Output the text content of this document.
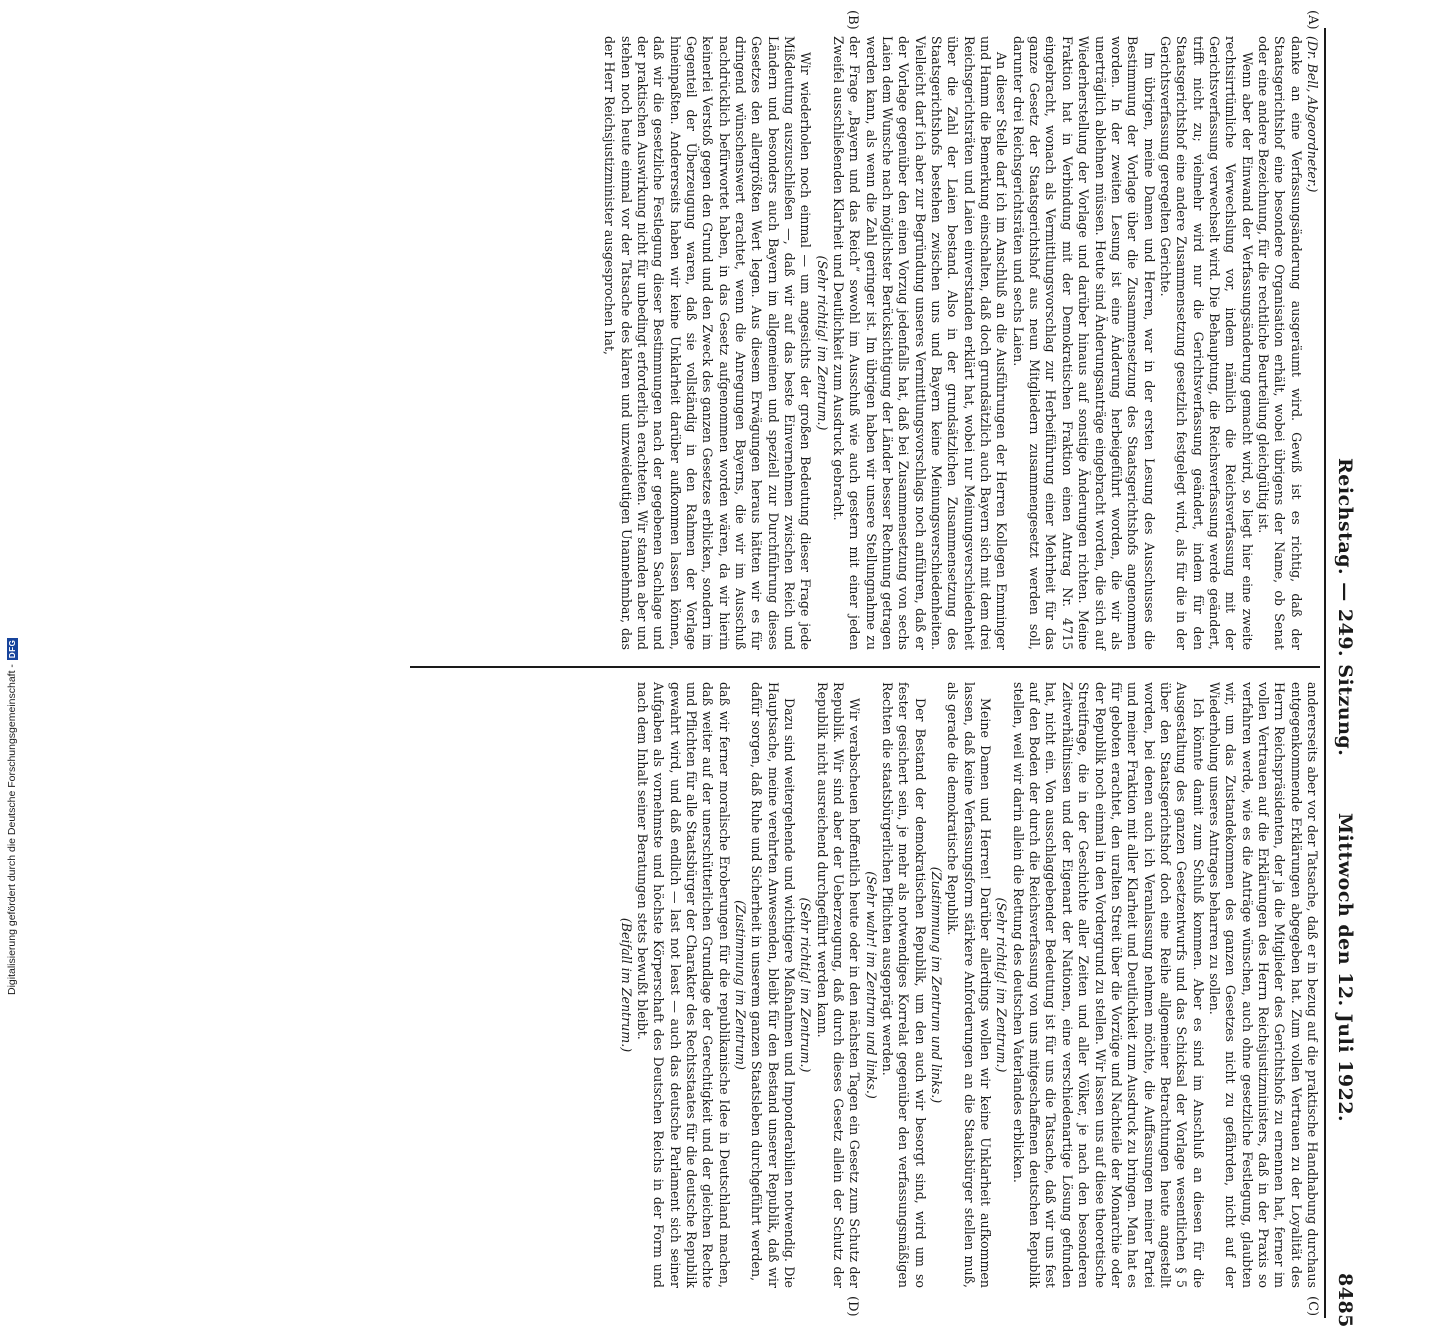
Reichstag. — 249. Sitzung.
Mittwoch den 12. Juli 1922.
8485
(A)
(B)
(C)
(D)

(Dr. Bell, Abgeordneter.)

danke an eine Verfassungsänderung ausgeräumt wird. Gewiß ist es richtig, daß der Staatsgerichtshof eine besondere Organisation erhält, wobei übrigens der Name, ob Senat oder eine andere Bezeichnung, für die rechtliche Beurteilung gleichgültig ist.

Wenn aber der Einwand der Verfassungsänderung gemacht wird, so liegt hier eine zweite rechtsirrtümliche Verwechslung vor, indem nämlich die Reichsverfassung mit der Gerichtsverfassung verwechselt wird. Die Behauptung, die Reichsverfassung werde geändert, trifft nicht zu; vielmehr wird nur die Gerichtsverfassung geändert, indem für den Staatsgerichtshof eine andere Zusammensetzung gesetzlich festgelegt wird, als für die in der Gerichtsverfassung geregelten Gerichte.

Im übrigen, meine Damen und Herren, war in der ersten Lesung des Ausschusses die Bestimmung der Vorlage über die Zusammensetzung des Staatsgerichtshofs angenommen worden. In der zweiten Lesung ist eine Änderung herbeigeführt worden, die wir als unerträglich ablehnen müssen. Heute sind Änderungsanträge eingebracht worden, die sich auf Wiederherstellung der Vorlage und darüber hinaus auf sonstige Änderungen richten. Meine Fraktion hat in Verbindung mit der Demokratischen Fraktion einen Antrag Nr. 4715 eingebracht, wonach als Vermittlungsvorschlag zur Herbeiführung einer Mehrheit für das ganze Gesetz der Staatsgerichtshof aus neun Mitgliedern zusammengesetzt werden soll, darunter drei Reichsgerichtsräten und sechs Laien.

An dieser Stelle darf ich im Anschluß an die Ausführungen der Herren Kollegen Emminger und Hamm die Bemerkung einschalten, daß doch grundsätzlich auch Bayern sich mit dem drei Reichsgerichtsräten und Laien einverstanden erklärt hat, wobei nur Meinungsverschiedenheit über die Zahl der Laien bestand. Also in der grundsätzlichen Zusammensetzung des Staatsgerichtshofs bestehen zwischen uns und Bayern keine Meinungsverschiedenheiten. Vielleicht darf ich aber zur Begründung unseres Vermittlungsvorschlags noch anführen, daß er der Vorlage gegenüber den einen Vorzug jedenfalls hat, daß bei Zusammensetzung von sechs Laien dem Wunsche nach möglichster Berücksichtigung der Länder besser Rechnung getragen werden kann, als wenn die Zahl geringer ist. Im übrigen haben wir unsere Stellungnahme zu der Frage „Bayern und das Reich“ sowohl im Ausschuß wie auch gestern mit einer jeden Zweifel ausschließenden Klarheit und Deutlichkeit zum Ausdruck gebracht.

(Sehr richtig! im Zentrum.)

Wir wiederholen noch einmal — um angesichts der großen Bedeutung dieser Frage jede Mißdeutung auszuschließen —, daß wir auf das beste Einvernehmen zwischen Reich und Ländern und besonders auch Bayern im allgemeinen und speziell zur Durchführung dieses Gesetzes den allergrößten Wert legen. Aus diesem Erwägungen heraus hätten wir es für dringend wünschenswert erachtet, wenn die Anregungen Bayerns, die wir im Ausschuß nachdrücklich befürwortet haben, in das Gesetz aufgenommen worden wären, da wir hierin keinerlei Verstoß gegen den Grund und den Zweck des ganzen Gesetzes erblicken, sondern im Gegenteil der Überzeugung waren, daß sie vollständig in den Rahmen der Vorlage hineinpaßten. Andererseits haben wir keine Unklarheit darüber aufkommen lassen können, daß wir die gesetzliche Festlegung dieser Bestimmungen nach der gegebenen Sachlage und der praktischen Auswirkung nicht für unbedingt erforderlich erachteten. Wir standen aber und stehen noch heute einmal vor der Tatsache des klaren und unzweideutigen Unannehmbar, das der Herr Reichsjustizminister ausgesprochen hat,

andererseits aber vor der Tatsache, daß er in bezug auf die praktische Handhabung durchaus entgegenkommende Erklärungen abgegeben hat. Zum vollen Vertrauen zu der Loyalität des Herrn Reichspräsidenten, der ja die Mitglieder des Gerichtshofs zu ernennen hat, ferner im vollen Vertrauen auf die Erklärungen des Herrn Reichsjustizministers, daß in der Praxis so verfahren werde, wie es die Anträge wünschen, auch ohne gesetzliche Festlegung, glaubten wir, um das Zustandekommen des ganzen Gesetzes nicht zu gefährden, nicht auf der Wiederholung unseres Antrages beharren zu sollen.

Ich könnte damit zum Schluß kommen. Aber es sind im Anschluß an diesen für die Ausgestaltung des ganzen Gesetzentwurfs und das Schicksal der Vorlage wesentlichen § 5 über den Staatsgerichtshof doch eine Reihe allgemeiner Betrachtungen heute angestellt worden, bei denen auch ich Veranlassung nehmen möchte, die Auffassungen meiner Partei und meiner Fraktion mit aller Klarheit und Deutlichkeit zum Ausdruck zu bringen. Man hat es für geboten erachtet, den uralten Streit über die Vorzüge und Nachteile der Monarchie oder der Republik noch einmal in den Vordergrund zu stellen. Wir lassen uns auf diese theoretische Streitfrage, die in der Geschichte aller Zeiten und aller Völker, je nach den besonderen Zeitverhältnissen und der Eigenart der Nationen, eine verschiedenartige Lösung gefunden hat, nicht ein. Von ausschlaggebender Bedeutung ist für uns die Tatsache, daß wir uns fest auf den Boden der durch die Reichsverfassung von uns mitgeschaffenen deutschen Republik stellen, weil wir darin allein die Rettung des deutschen Vaterlandes erblicken.

(Sehr richtig! im Zentrum.)

Meine Damen und Herren! Darüber allerdings wollen wir keine Unklarheit aufkommen lassen, daß keine Verfassungsform stärkere Anforderungen an die Staatsbürger stellen muß, als gerade die demokratische Republik.

(Zustimmung im Zentrum und links.)

Der Bestand der demokratischen Republik, um den auch wir besorgt sind, wird um so fester gesichert sein, je mehr als notwendiges Korrelat gegenüber den verfassungsmäßigen Rechten die staatsbürgerlichen Pflichten ausgeprägt werden.

(Sehr wahr! im Zentrum und links.)

Wir verabscheuen hoffentlich heute oder in den nächsten Tagen ein Gesetz zum Schutz der Republik. Wir sind aber der Ueberzeugung, daß durch dieses Gesetz allein der Schutz der Republik nicht ausreichend durchgeführt werden kann.

(Sehr richtig! im Zentrum.)

Dazu sind weitergehende und wichtigere Maßnahmen und Imponderabilien notwendig. Die Hauptsache, meine verehrten Anwesenden, bleibt für den Bestand unserer Republik, daß wir dafür sorgen, daß Ruhe und Sicherheit in unserem ganzen Staatsleben durchgeführt werden,

(Zustimmung im Zentrum)

daß wir ferner moralische Eroberungen für die republikanische Idee in Deutschland machen, daß weiter auf der unerschütterlichen Grundlage der Gerechtigkeit und der gleichen Rechte und Pflichten für alle Staatsbürger der Charakter des Rechtsstaates für die deutsche Republik gewahrt wird, und daß endlich — last not least — auch das deutsche Parlament sich seiner Aufgaben als vornehmste und höchste Körperschaft des Deutschen Reichs in der Form und nach dem Inhalt seiner Beratungen stets bewußt bleibt.

(Beifall im Zentrum.)

Digitalisierung gefördert durch die Deutsche Forschungsgemeinschaft -
DFG
